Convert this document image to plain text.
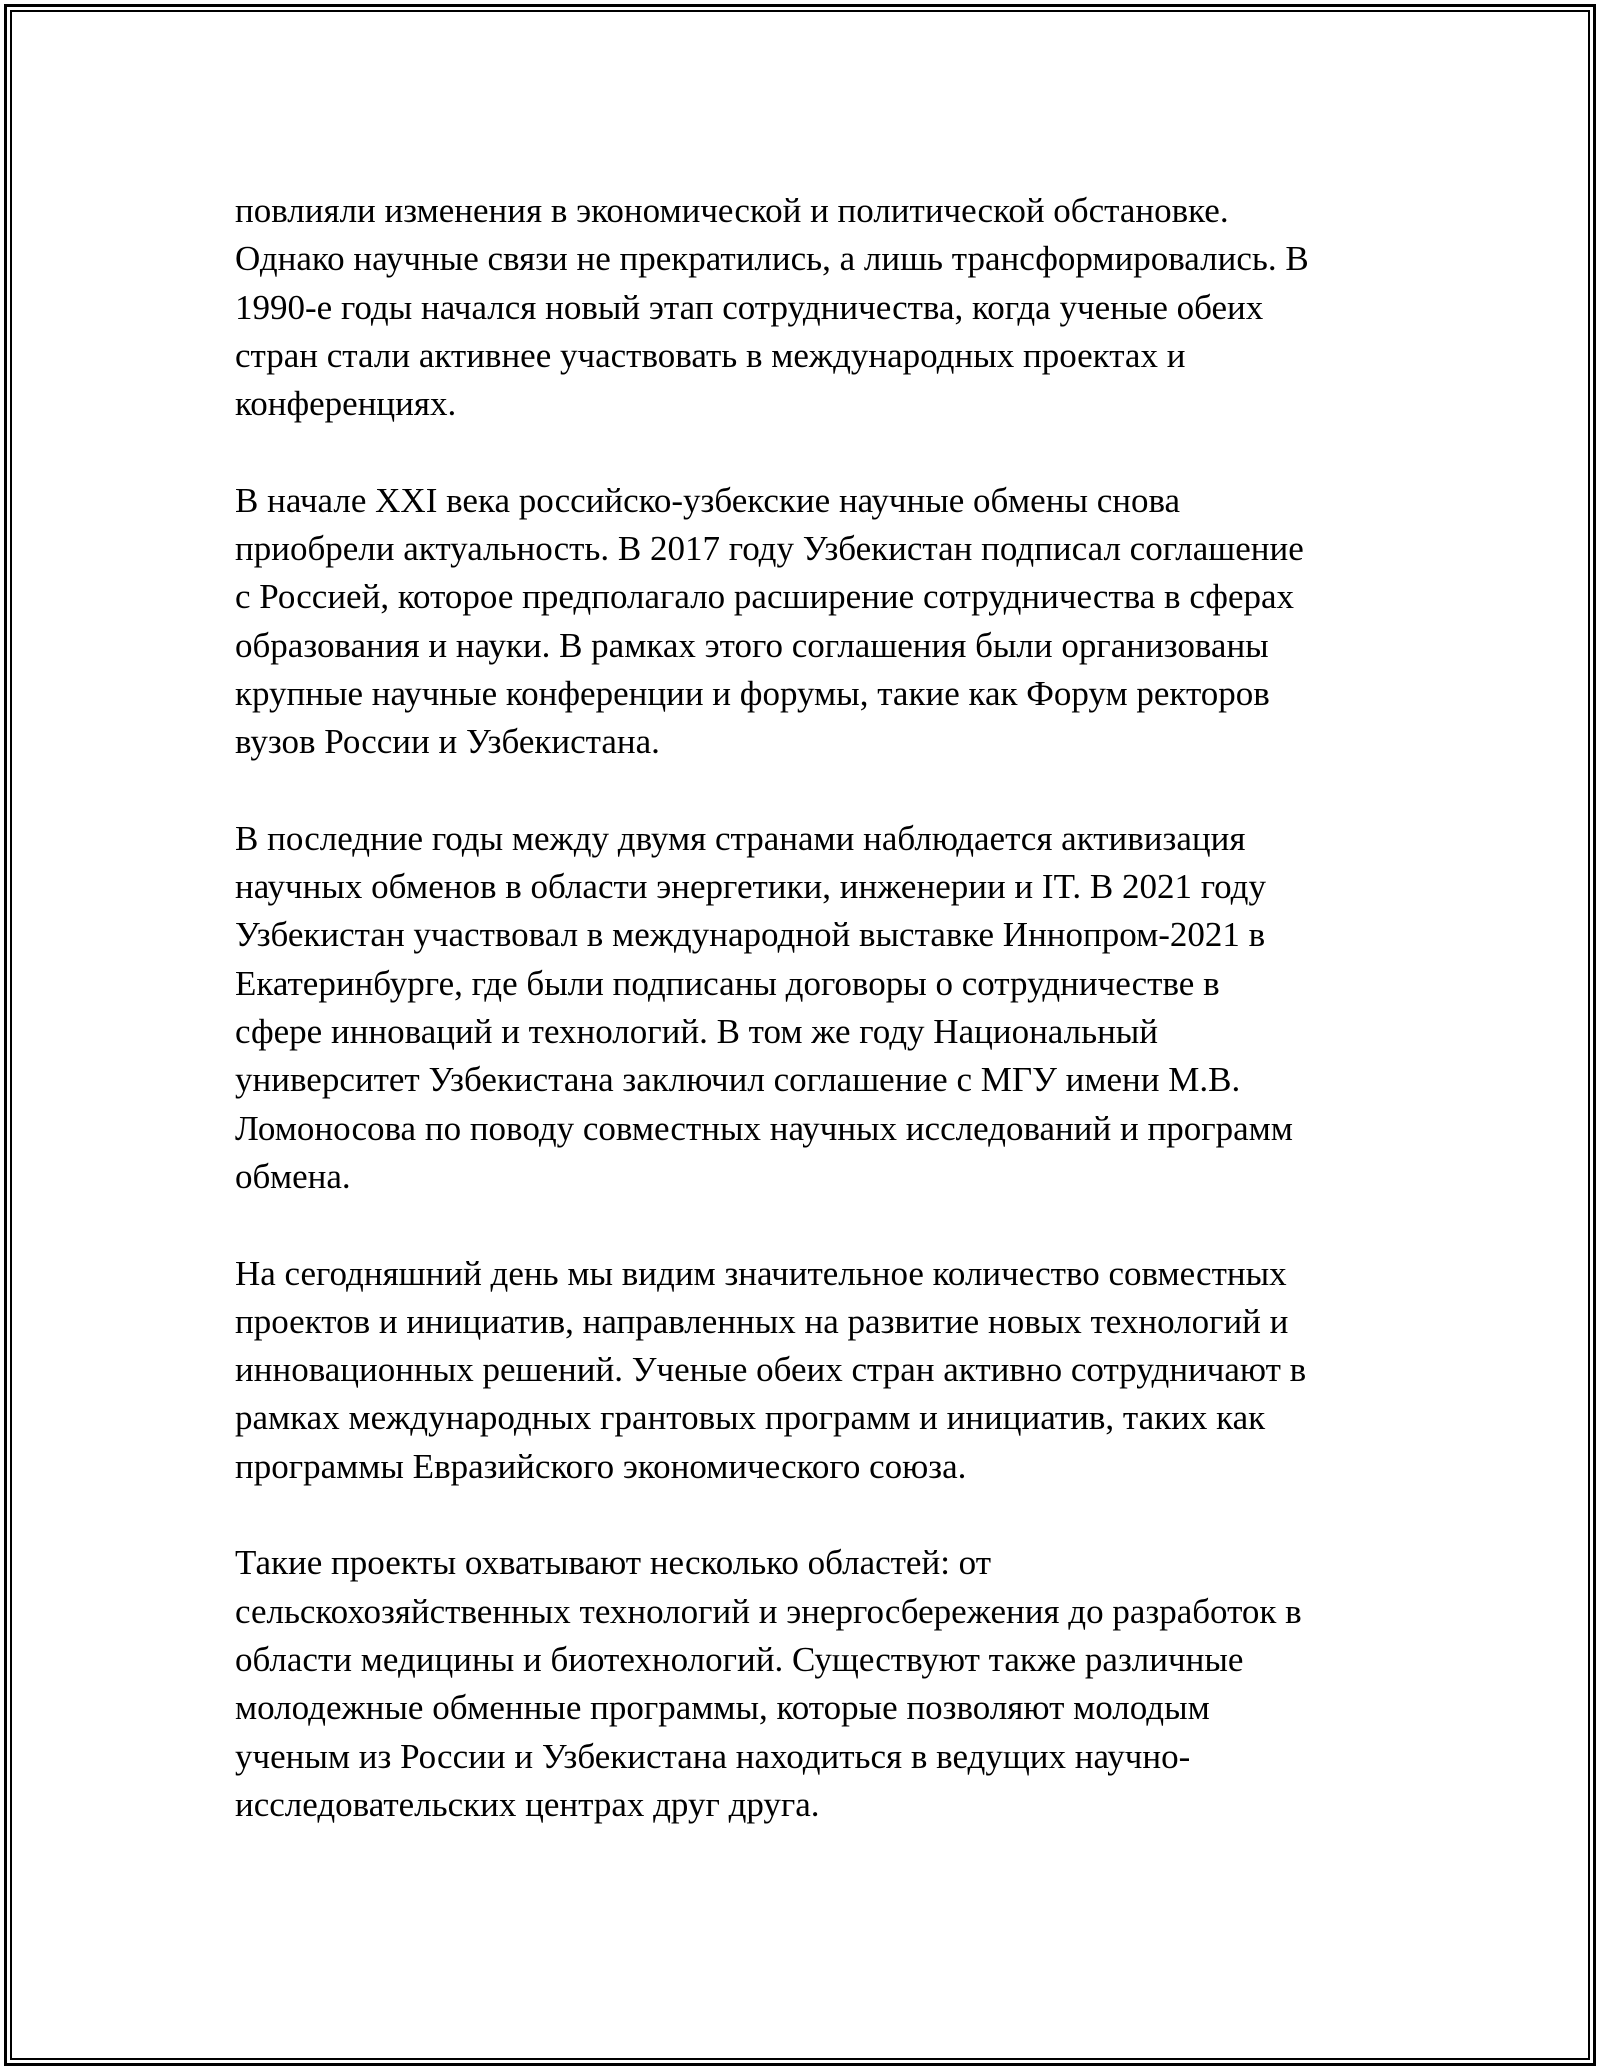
повлияли изменения в экономической и политической обстановке.
Однако научные связи не прекратились, а лишь трансформировались. В
1990-е годы начался новый этап сотрудничества, когда ученые обеих
стран стали активнее участвовать в международных проектах и
конференциях.

В начале XXI века российско-узбекские научные обмены снова
приобрели актуальность. В 2017 году Узбекистан подписал соглашение
с Россией, которое предполагало расширение сотрудничества в сферах
образования и науки. В рамках этого соглашения были организованы
крупные научные конференции и форумы, такие как Форум ректоров
вузов России и Узбекистана.

В последние годы между двумя странами наблюдается активизация
научных обменов в области энергетики, инженерии и IT. В 2021 году
Узбекистан участвовал в международной выставке Иннопром-2021 в
Екатеринбурге, где были подписаны договоры о сотрудничестве в
сфере инноваций и технологий. В том же году Национальный
университет Узбекистана заключил соглашение с МГУ имени М.В.
Ломоносова по поводу совместных научных исследований и программ
обмена.

На сегодняшний день мы видим значительное количество совместных
проектов и инициатив, направленных на развитие новых технологий и
инновационных решений. Ученые обеих стран активно сотрудничают в
рамках международных грантовых программ и инициатив, таких как
программы Евразийского экономического союза.

Такие проекты охватывают несколько областей: от
сельскохозяйственных технологий и энергосбережения до разработок в
области медицины и биотехнологий. Существуют также различные
молодежные обменные программы, которые позволяют молодым
ученым из России и Узбекистана находиться в ведущих научно-
исследовательских центрах друг друга.
